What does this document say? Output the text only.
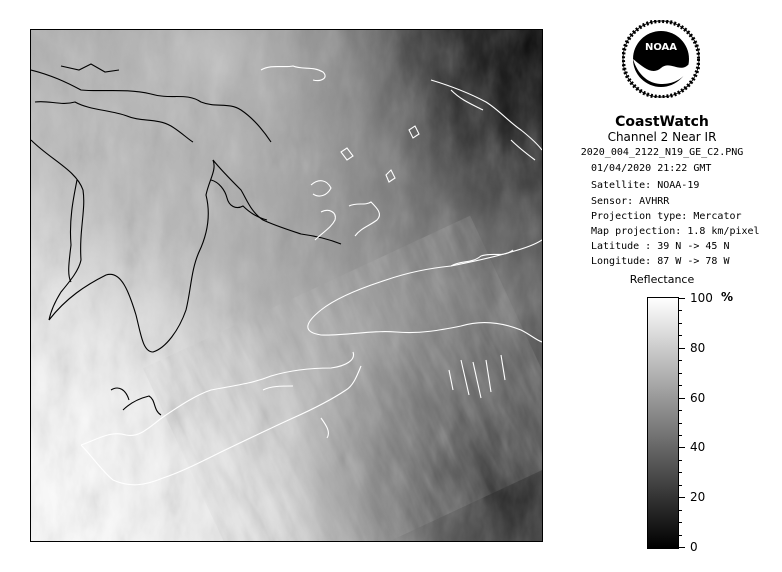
NOAA
CoastWatch
Channel 2 Near IR
2020_004_2122_N19_GE_C2.PNG
01/04/2020 21:22 GMT
Satellite: NOAA-19
Sensor: AVHRR
Projection type: Mercator
Map projection: 1.8 km/pixel
Latitude : 39 N -> 45 N
Longitude: 87 W -> 78 W
Reflectance
%
100
80
60
40
20
0
